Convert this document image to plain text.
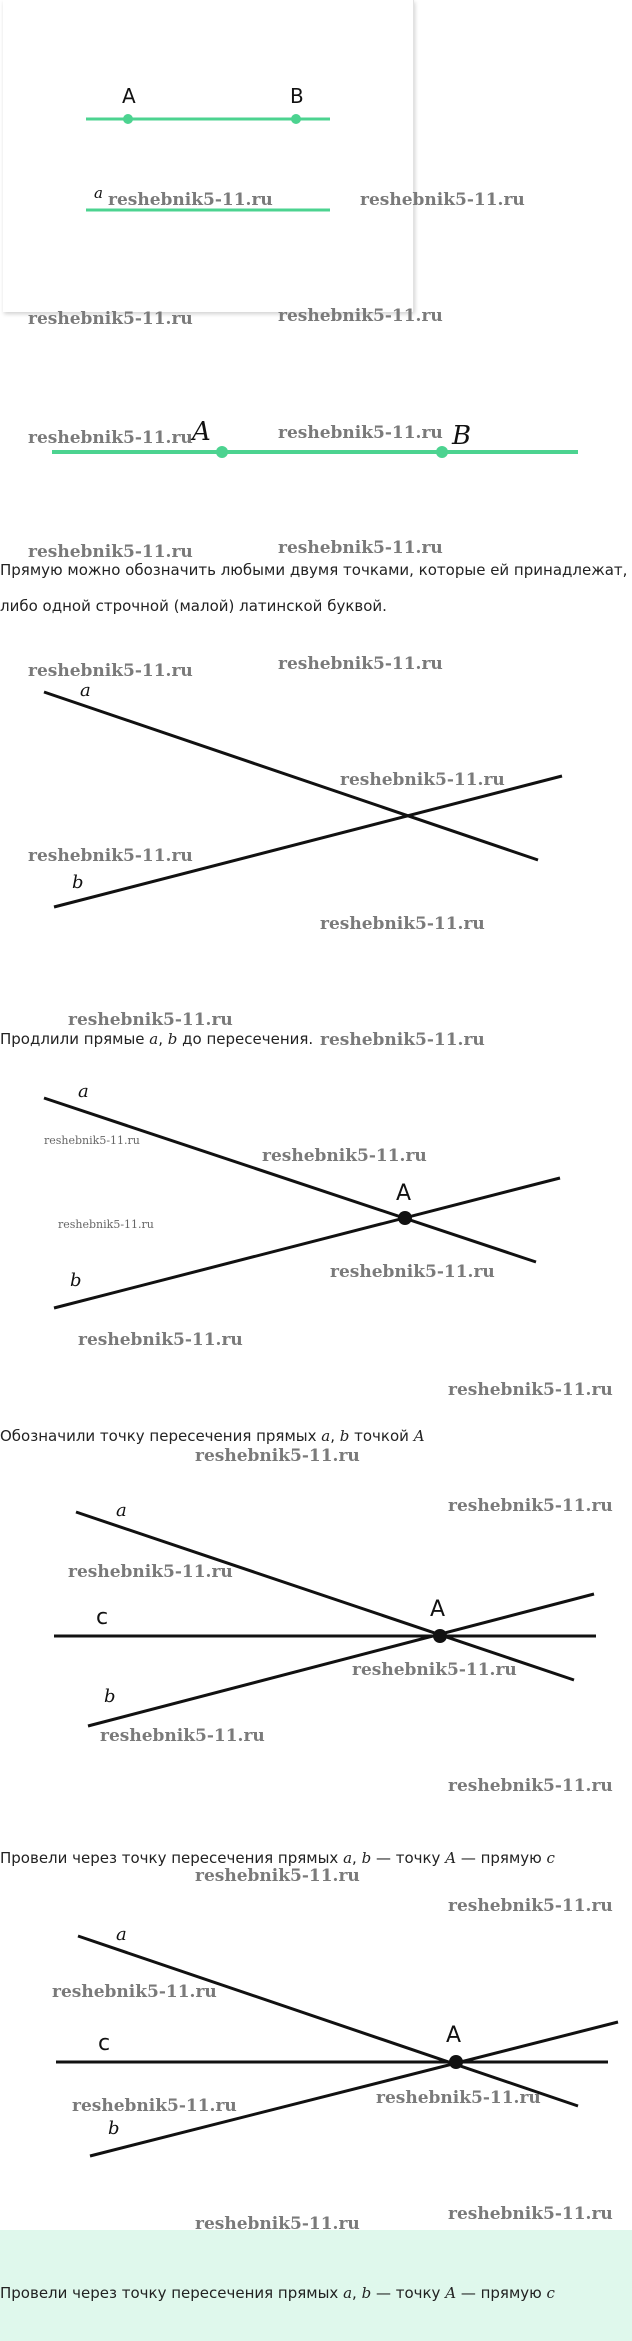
A	B
a reshebnik5-11.ru	reshebnik5-11.ru
reshebnik5-11.ru	reshebnik5-11.ru
A	B
reshebnik5-11.ru	reshebnik5-11.ru
reshebnik5-11.ru	reshebnik5-11.ru
Прямую можно обозначить любыми двумя точками, которые ей принадлежат,
либо одной строчной (малой) латинской буквой.
a
b
reshebnik5-11.ru	reshebnik5-11.ru
reshebnik5-11.ru
reshebnik5-11.ru
reshebnik5-11.ru
reshebnik5-11.ru
Продлили прямые a, b до пересечения. reshebnik5-11.ru
a
b
A
reshebnik5-11.ru
reshebnik5-11.ru
reshebnik5-11.ru
reshebnik5-11.ru
reshebnik5-11.ru
reshebnik5-11.ru
Обозначили точку пересечения прямых a, b точкой A
reshebnik5-11.ru
a
b
c	A
reshebnik5-11.ru
reshebnik5-11.ru
reshebnik5-11.ru
reshebnik5-11.ru
reshebnik5-11.ru
Провели через точку пересечения прямых a, b — точку A — прямую c
reshebnik5-11.ru
reshebnik5-11.ru
a
b
c	A
reshebnik5-11.ru
reshebnik5-11.ru	reshebnik5-11.ru
reshebnik5-11.ru
reshebnik5-11.ru
Провели через точку пересечения прямых a, b — точку A — прямую c
